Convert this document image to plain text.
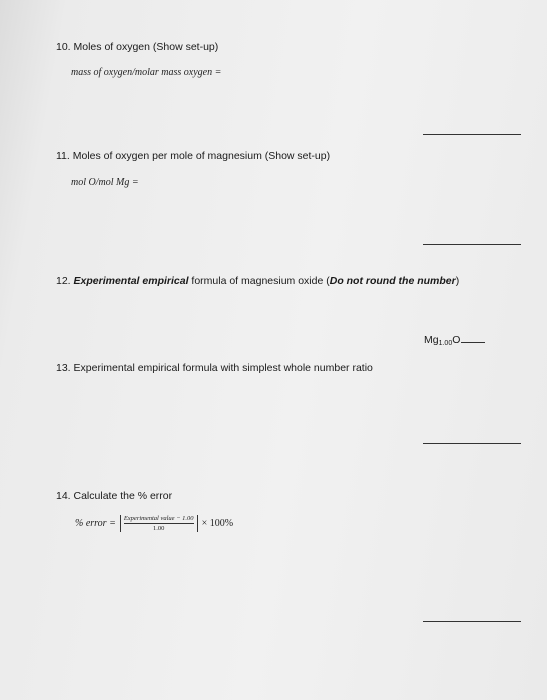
10. Moles of oxygen (Show set-up)
mass of oxygen/molar mass oxygen =
11. Moles of oxygen per mole of magnesium (Show set-up)
mol O/mol Mg =
12. Experimental empirical formula of magnesium oxide (Do not round the number)
$Mg_{1.00}O$
13. Experimental empirical formula with simplest whole number ratio
14. Calculate the % error
% error = $\frac{\text{Experimental value − 1.00}}{1.00} \times 100\%$
